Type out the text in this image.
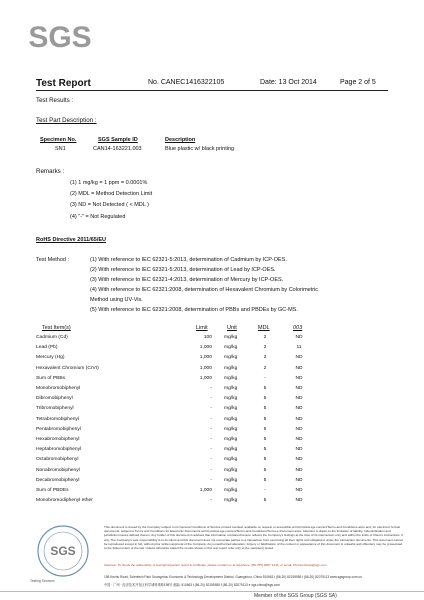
SGS
Test Report	No. CANEC1416322105	Date: 13 Oct 2014	Page 2 of 5
Test Results :
Test Part Description :
Specimen No.	SGS Sample ID	Description
SN1	CAN14-163221.003	Blue plastic w/ black printing
Remarks :
(1) 1 mg/kg = 1 ppm = 0.0001%
(2) MDL = Method Detection Limit
(3) ND = Not Detected ( < MDL )
(4) "-" = Not Regulated
RoHS Directive 2011/65/EU
Test Method :	(1) With reference to IEC 62321-5:2013, determination of Cadmium by ICP-OES.
(2) With reference to IEC 62321-5:2013, determination of Lead by ICP-OES.
(3) With reference to IEC 62321-4:2013, determination of Mercury by ICP-OES.
(4) With reference to IEC 62321:2008, determination of Hexavalent Chromium by Colorimetric
Method using UV-Vis.
(5) With reference to IEC 62321:2008, determination of PBBs and PBDEs by GC-MS.
Test Item(s)	Limit	Unit	MDL	003
Cadmium (Cd)	100 mg/kg	2	ND
Lead (Pb)	1,000 mg/kg	2	11
Mercury (Hg)	1,000 mg/kg	2	ND
Hexavalent Chromium (CrVI)	1,000 mg/kg	2	ND
Sum of PBBs	1,000 mg/kg	-	ND
Monobromobiphenyl	- mg/kg	5	ND
Dibromobiphenyl	- mg/kg	5	ND
Tribromobiphenyl	- mg/kg	5	ND
Tetrabromobiphenyl	- mg/kg	5	ND
Pentabromobiphenyl	- mg/kg	5	ND
Hexabromobiphenyl	- mg/kg	5	ND
Heptabromobiphenyl	- mg/kg	5	ND
Octabromobiphenyl	- mg/kg	5	ND
Nonabromobiphenyl	- mg/kg	5	ND
Decabromobiphenyl	- mg/kg	5	ND
Sum of PBDEs	1,000 mg/kg	-	ND
Monobromodiphenyl ether	- mg/kg	5	ND
SGS
Testing Services
This document is issued by the Company subject to its General Conditions of Service printed overleaf, available on request or accessible at http://www.sgs.com/en/Terms-and-Conditions.aspx and, for electronic format documents, subject to Terms and Conditions for Electronic Documents at http://www.sgs.com/en/Terms-and-Conditions/Terms-e-Document.aspx. Attention is drawn to the limitation of liability, indemnification and jurisdiction issues defined therein. Any holder of this document is advised that information contained hereon reflects the Company's findings at the time of its intervention only and within the limits of Client's instructions, if any. The Company's sole responsibility is to its Client and this document does not exonerate parties to a transaction from exercising all their rights and obligations under the transaction documents. This document cannot be reproduced except in full, without prior written approval of the Company. Any unauthorized alteration, forgery or falsification of the content or appearance of this document is unlawful and offenders may be prosecuted to the fullest extent of the law. Unless otherwise stated the results shown in this test report refer only to the sample(s) tested.
Attention: To check the authenticity of testing/inspection report & certificate, please contact us at telephone: (86-755) 8307 1443, or email: CN.Doccheck@sgs.com
198 Kezhu Road, Scientech Park Guangzhou Economic & Technology Development District, Guangzhou, China 510663 t (86-20) 82155555 f (86-20) 82075113 www.sgsgroup.com.cn
中国 · 广州 · 经济技术开发区科学城科珠路198号 邮编: 510663 t (86-20) 82155555 f (86-20) 82075113 e sgs.china@sgs.com
Member of the SGS Group (SGS SA)
